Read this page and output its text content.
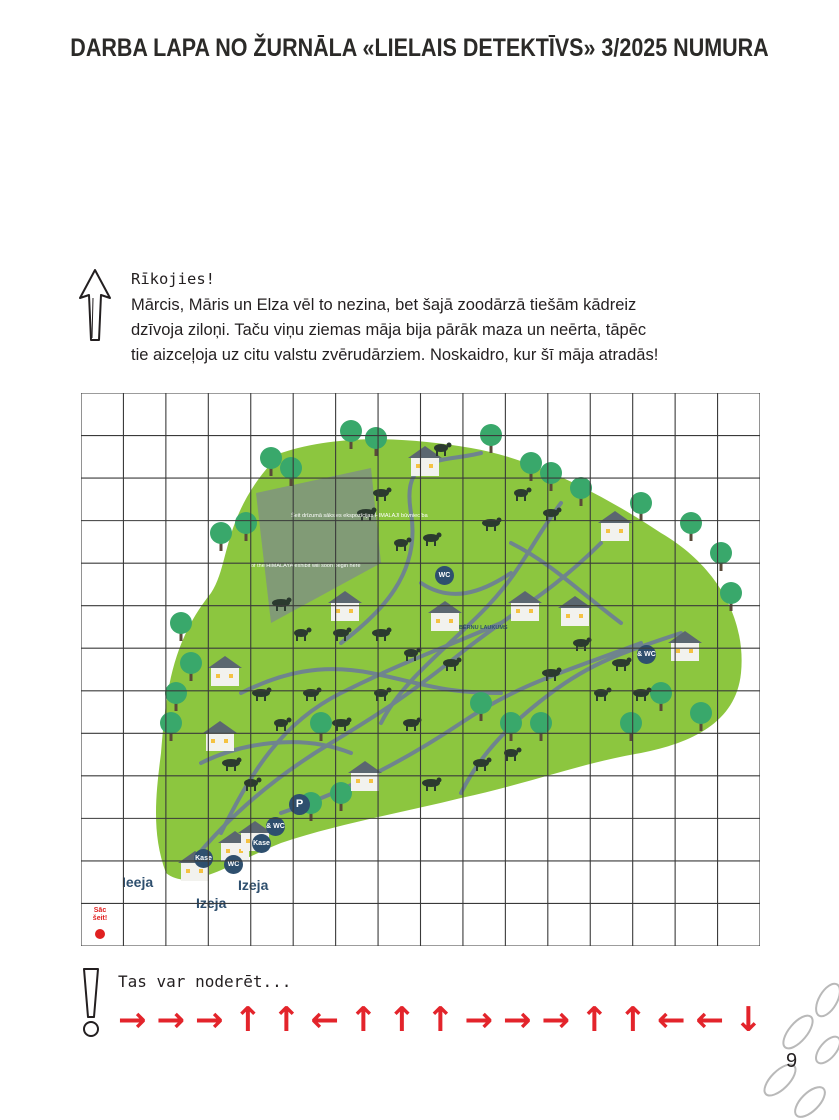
DARBA LAPA NO ŽURNĀLA «LIELAIS DETEKTĪVS» 3/2025 NUMURA
Rīkojies!
Mārcis, Māris un Elza vēl to nezina, bet šajā zoodārzā tiešām kādreiz
dzīvoja ziloņi. Taču viņu ziemas māja bija pārāk maza un neērta, tāpēc
tie aizceļoja uz citu valstu zvērudārziem. Noskaidro, kur šī māja atradās!
Šeit drīzumā sāksies ekspozīcijas HIMALAJI būvniecība
of the HIMALAYA exhibit will soon begin here
BĒRNU LAUKUMS
WC
& WC
& WC
P
Kase
Kase
WC
Ieeja
Izeja
Izeja
Sāc šeit!
Tas var noderēt...
→ → → ↑ ↑ ← ↑ ↑ ↑ → → → ↑ ↑ ← ← ↓
9
